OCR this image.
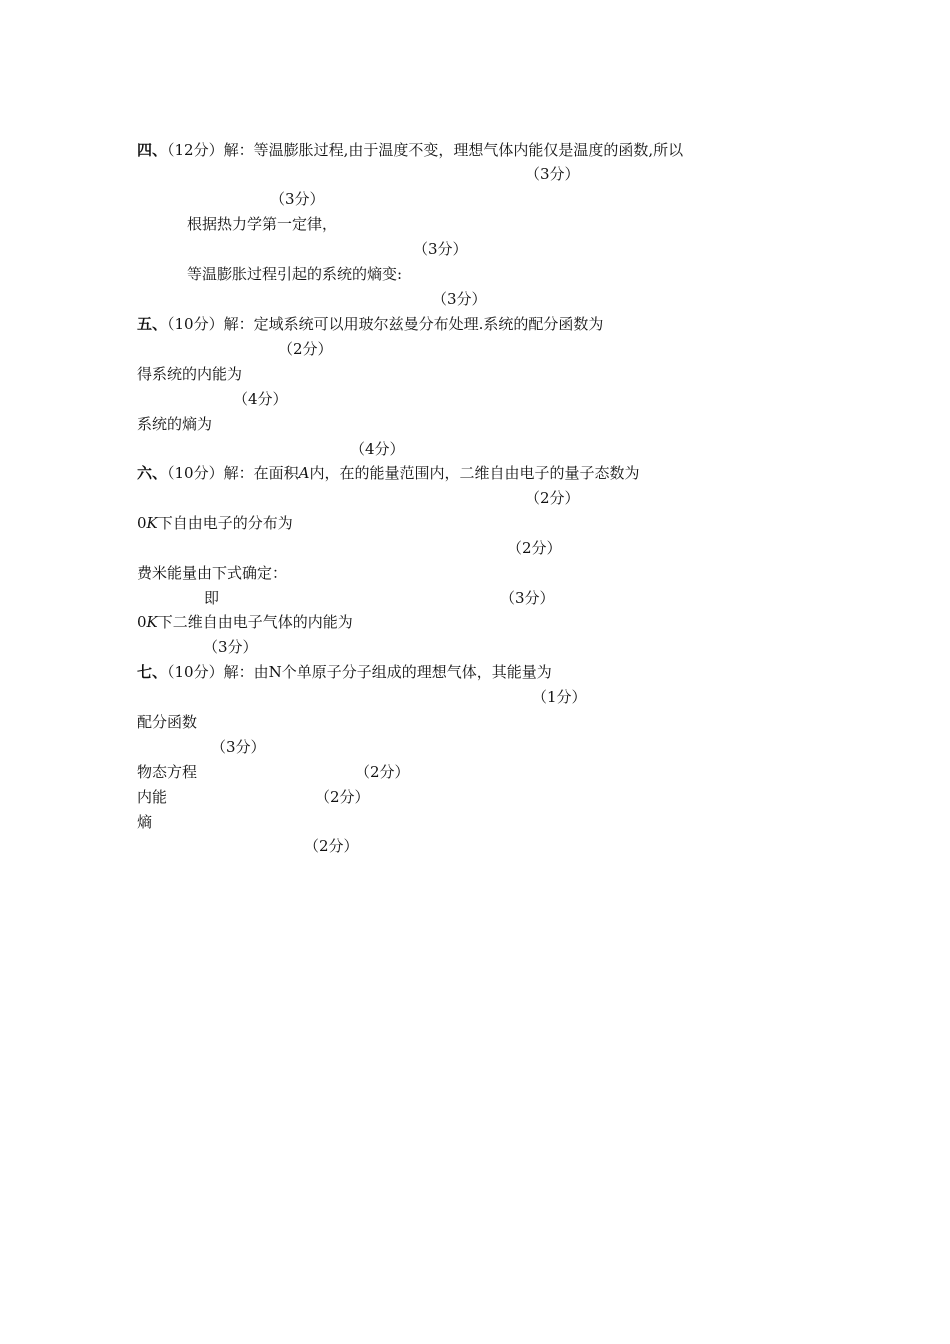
四、（12分）解：等温膨胀过程,由于温度不变，理想气体内能仅是温度的函数,所以
（3分）
（3分）
根据热力学第一定律，
（3分）
等温膨胀过程引起的系统的熵变:
（3分）
五、（10分）解：定域系统可以用玻尔兹曼分布处理.系统的配分函数为
（2分）
得系统的内能为
（4分）
系统的熵为
（4分）
六、（10分）解：在面积A内，在的能量范围内，二维自由电子的量子态数为
（2分）
0K下自由电子的分布为
（2分）
费米能量由下式确定：
即	（3分）
0K下二维自由电子气体的内能为
（3分）
七、（10分）解：由N个单原子分子组成的理想气体，其能量为
（1分）
配分函数
（3分）
物态方程	（2分）
内能	（2分）
熵
（2分）
